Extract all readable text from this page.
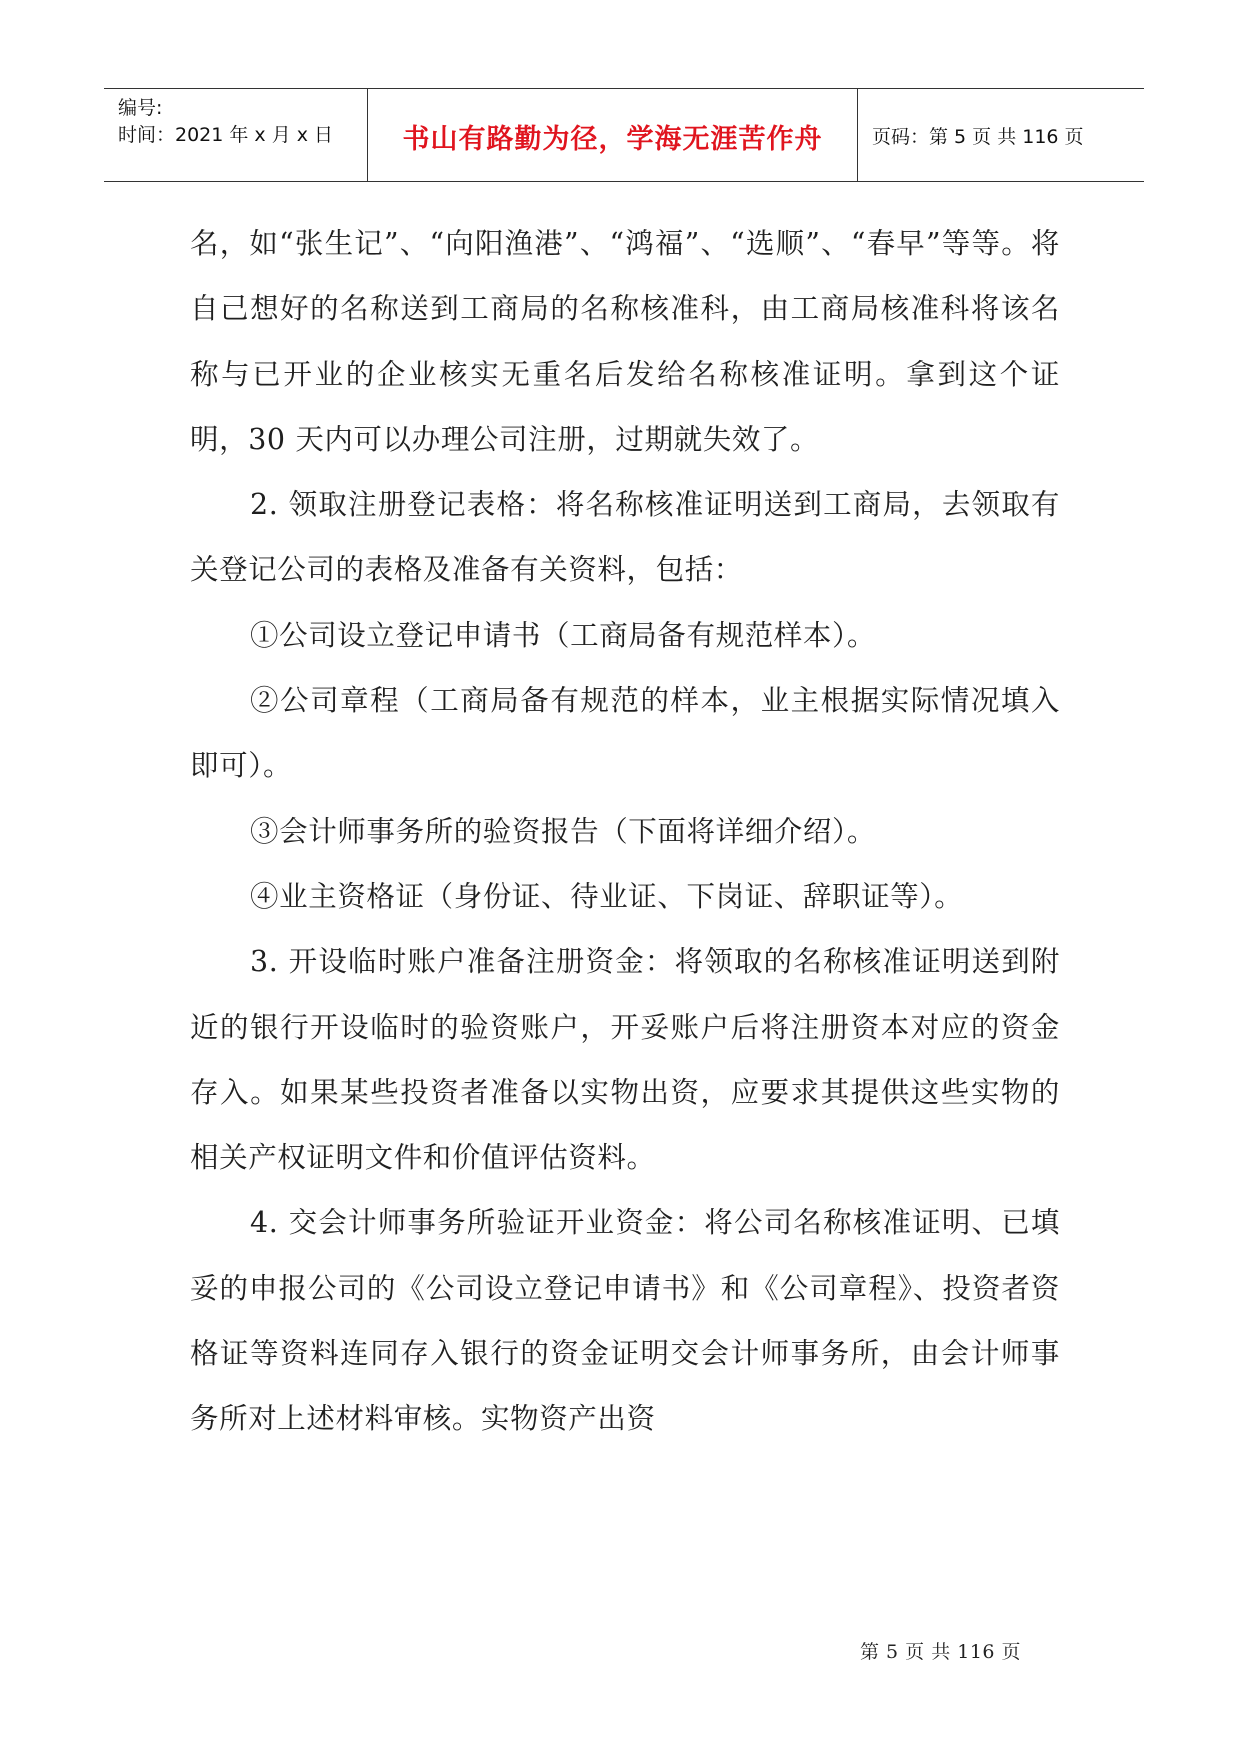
编号:
时间：2021 年 x 月 x 日	书山有路勤为径，学海无涯苦作舟	页码：第 5 页 共 116 页

名，如“张生记”、“向阳渔港”、“鸿福”、“选顺”、“春早”等等。将自己想好的名称送到工商局的名称核准科，由工商局核准科将该名称与已开业的企业核实无重名后发给名称核准证明。拿到这个证明，30 天内可以办理公司注册，过期就失效了。

2. 领取注册登记表格：将名称核准证明送到工商局，去领取有关登记公司的表格及准备有关资料，包括：

①公司设立登记申请书（工商局备有规范样本）。

②公司章程（工商局备有规范的样本，业主根据实际情况填入即可）。

③会计师事务所的验资报告（下面将详细介绍）。

④业主资格证（身份证、待业证、下岗证、辞职证等）。

3. 开设临时账户准备注册资金：将领取的名称核准证明送到附近的银行开设临时的验资账户，开妥账户后将注册资本对应的资金存入。如果某些投资者准备以实物出资，应要求其提供这些实物的相关产权证明文件和价值评估资料。

4. 交会计师事务所验证开业资金：将公司名称核准证明、已填妥的申报公司的《公司设立登记申请书》和《公司章程》、投资者资格证等资料连同存入银行的资金证明交会计师事务所，由会计师事务所对上述材料审核。实物资产出资

第 5 页 共 116 页
